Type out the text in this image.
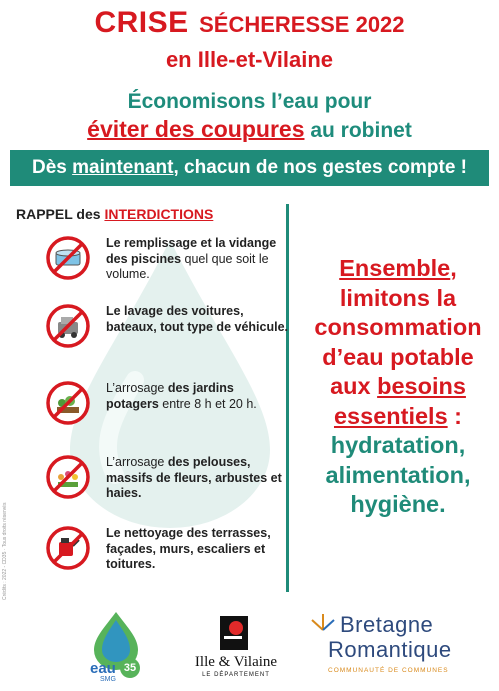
CRISE SÉCHERESSE 2022
en Ille-et-Vilaine
Économisons l’eau pour
éviter des coupures au robinet
Dès maintenant, chacun de nos gestes compte !
RAPPEL des INTERDICTIONS
Le remplissage et la vidange des piscines quel que soit le volume.
Le lavage des voitures, bateaux, tout type de véhicule.
L’arrosage des jardins potagers entre 8 h et 20 h.
L’arrosage des pelouses, massifs de fleurs, arbustes et haies.
Le nettoyage des terrasses, façades, murs, escaliers et toitures.
Ensemble,
limitons la consommation d’eau potable aux besoins essentiels :
hydratation, alimentation, hygiène.
Crédits : 2022 - CD35 · Tous droits réservés
eau 35
SMG
Ille & Vilaine
LE DÉPARTEMENT
Bretagne
Romantique
COMMUNAUTÉ DE COMMUNES
